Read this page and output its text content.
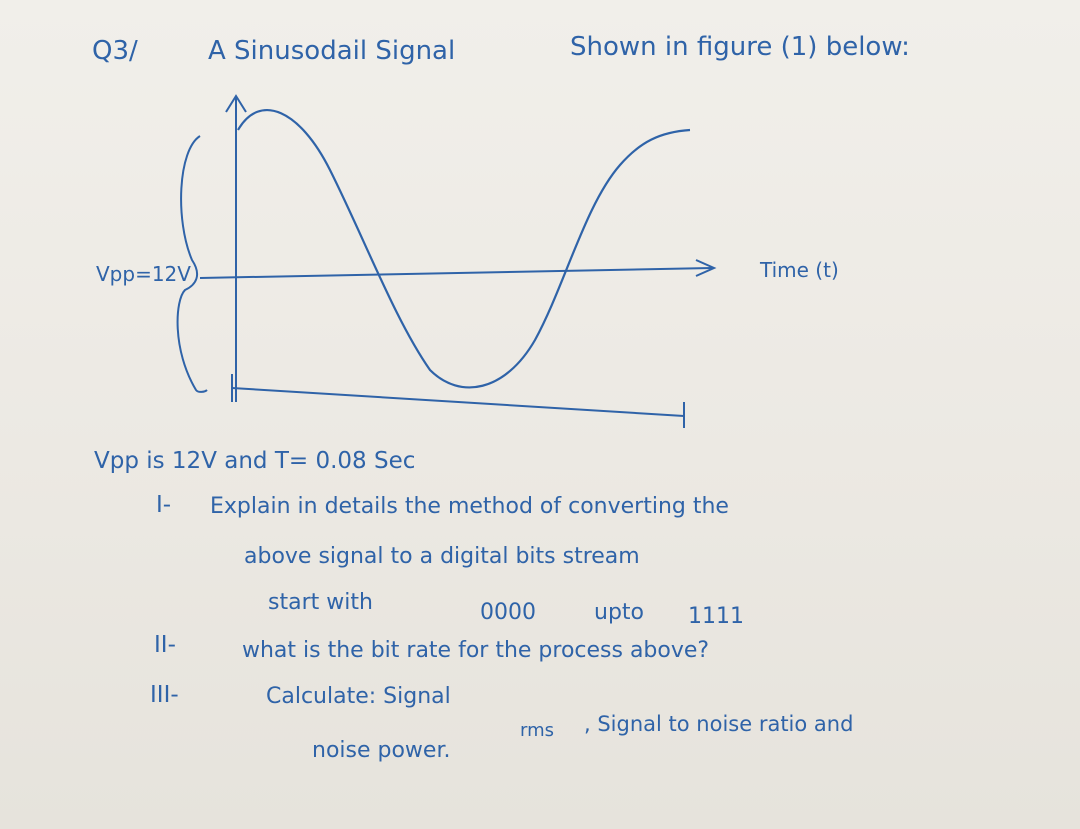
Q3/	A Sinusodail Signal	Shown in figure (1) below:
Vpp=12V	Time (t)
Vpp is 12V and T= 0.08 Sec
I- Explain in details the method of converting the
above signal to a digital bits stream
start with	0000	upto 1111
II-	what is the bit rate for the process above?
III-	Calculate: Signal
rms , Signal to noise ratio and
noise power.
